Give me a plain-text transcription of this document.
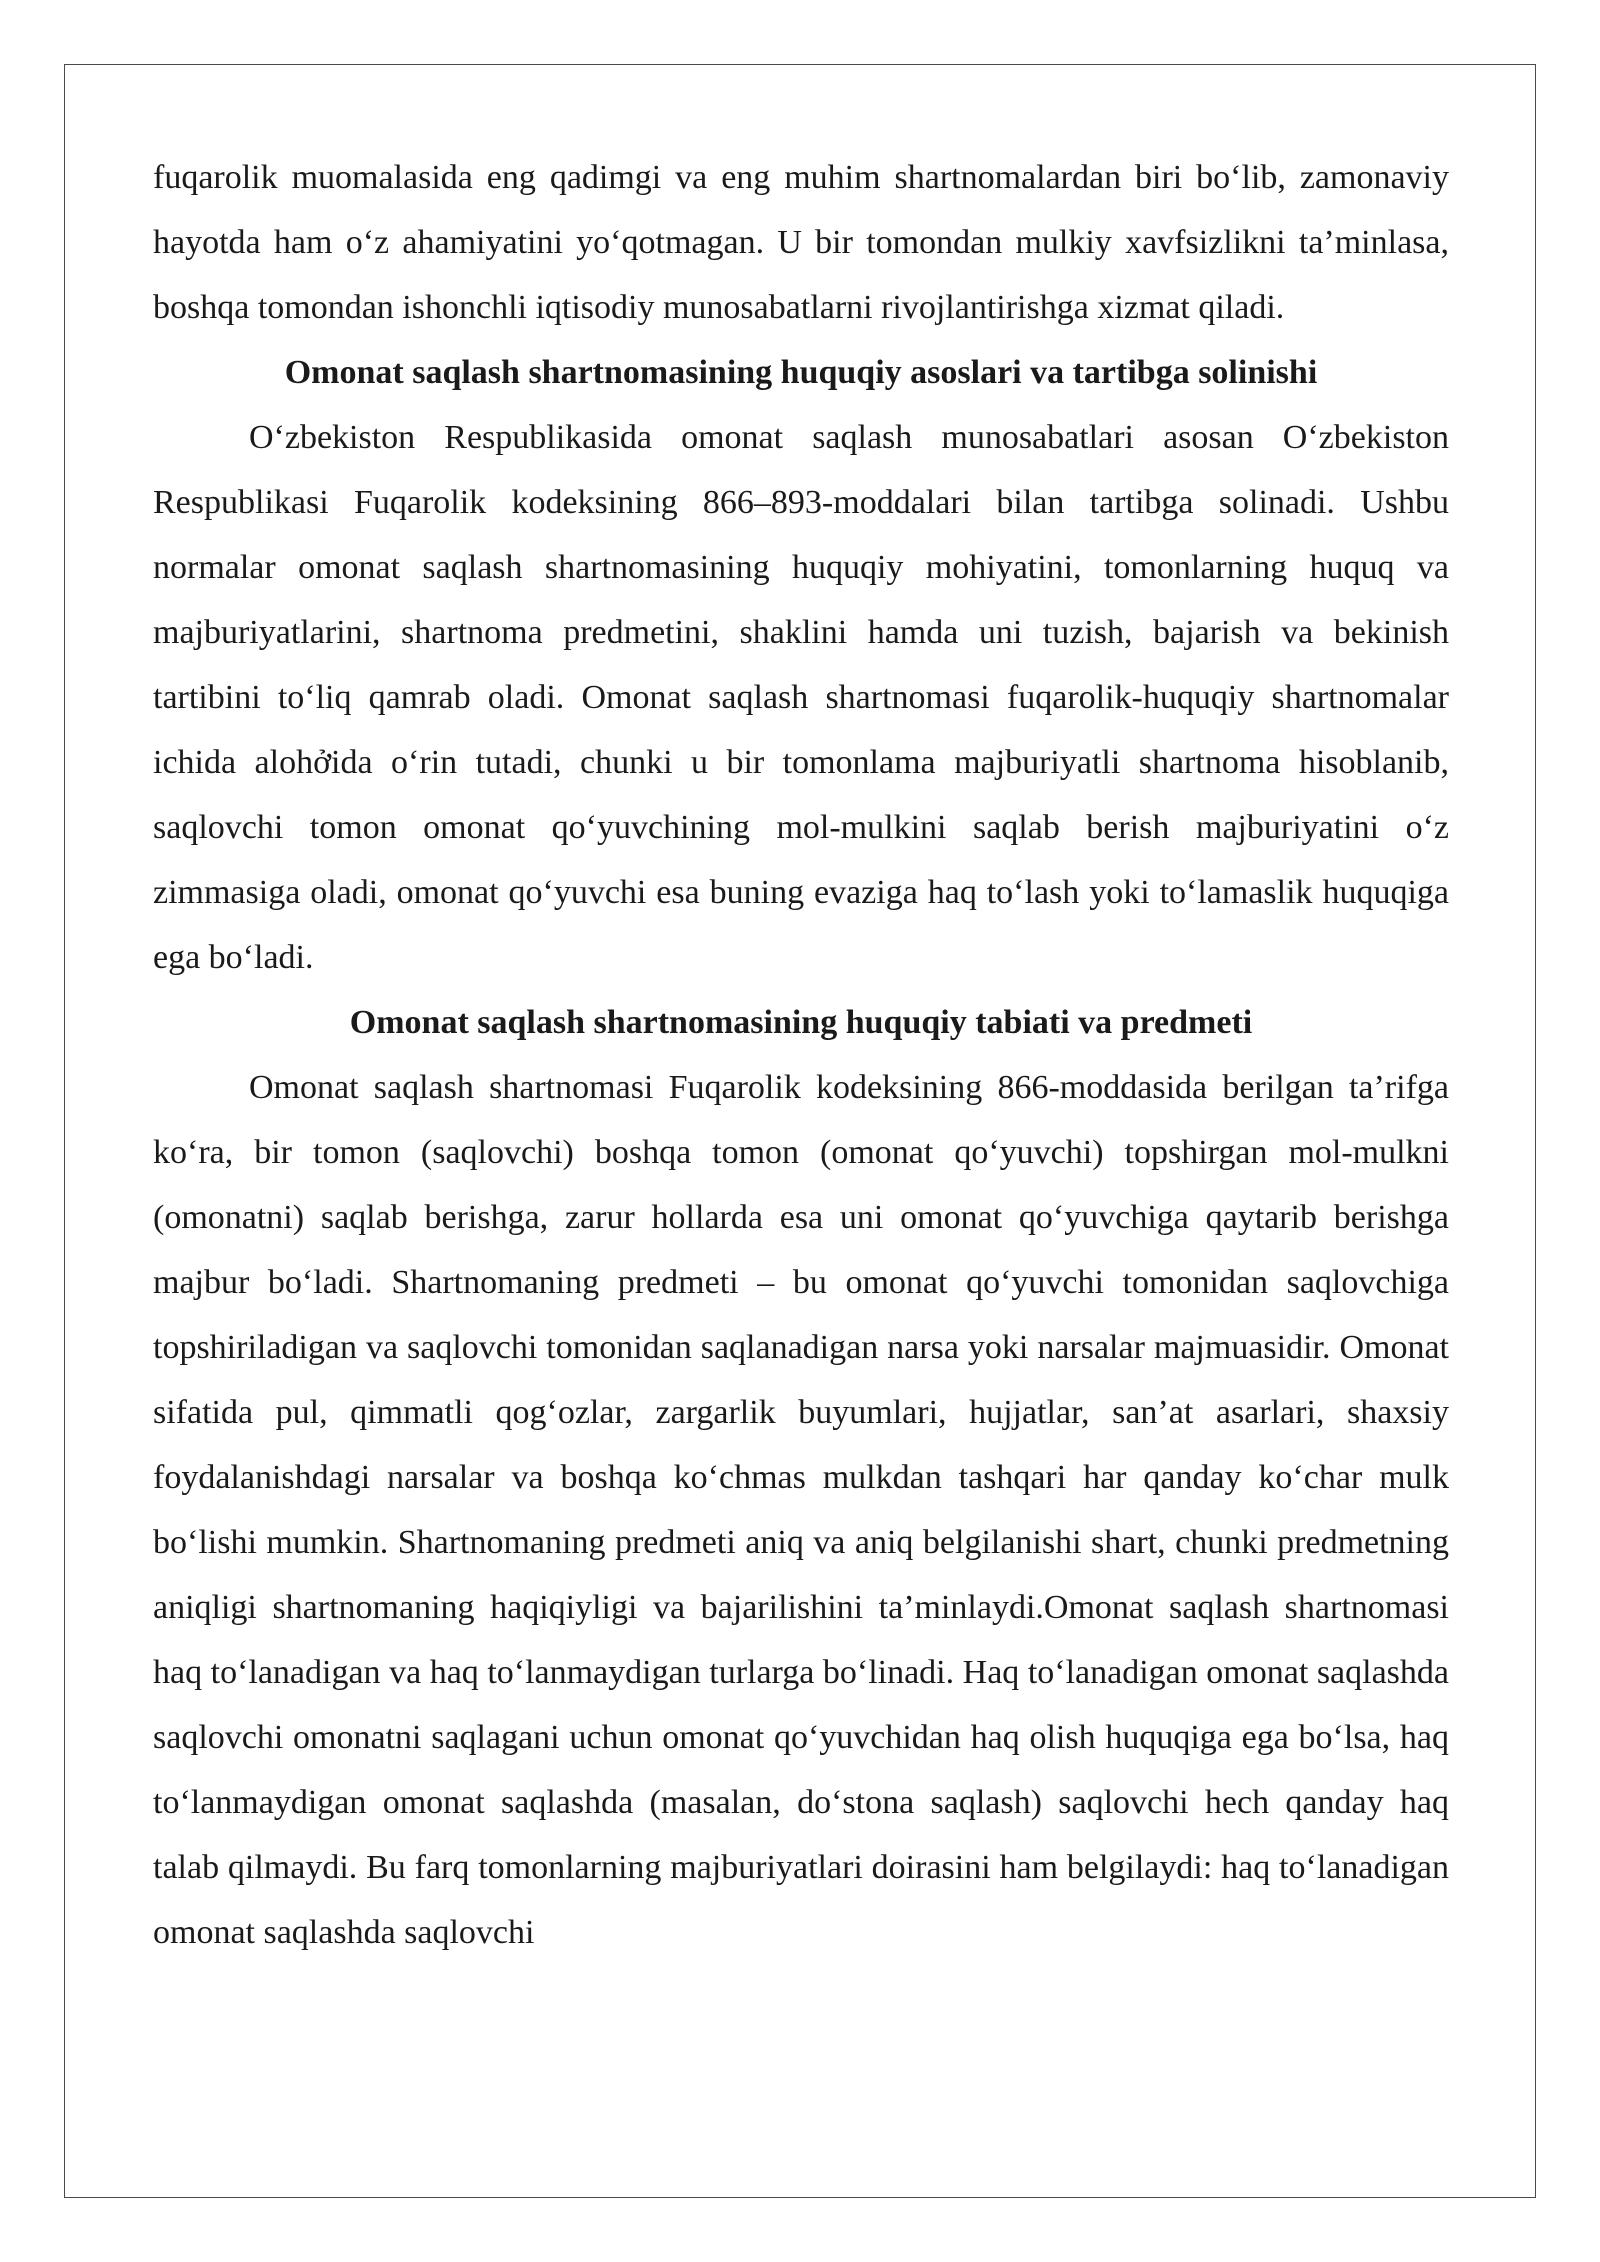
fuqarolik muomalasida eng qadimgi va eng muhim shartnomalardan biri bo‘lib, zamonaviy hayotda ham o‘z ahamiyatini yo‘qotmagan. U bir tomondan mulkiy xavfsizlikni ta’minlasa, boshqa tomondan ishonchli iqtisodiy munosabatlarni rivojlantirishga xizmat qiladi.

Omonat saqlash shartnomasining huquqiy asoslari va tartibga solinishi

O‘zbekiston Respublikasida omonat saqlash munosabatlari asosan O‘zbekiston Respublikasi Fuqarolik kodeksining 866–893-moddalari bilan tartibga solinadi. Ushbu normalar omonat saqlash shartnomasining huquqiy mohiyatini, tomonlarning huquq va majburiyatlarini, shartnoma predmetini, shaklini hamda uni tuzish, bajarish va bekinish tartibini to‘liq qamrab oladi. Omonat saqlash shartnomasi fuqarolik-huquqiy shartnomalar ichida alohởida o‘rin tutadi, chunki u bir tomonlama majburiyatli shartnoma hisoblanib, saqlovchi tomon omonat qo‘yuvchining mol-mulkini saqlab berish majburiyatini o‘z zimmasiga oladi, omonat qo‘yuvchi esa buning evaziga haq to‘lash yoki to‘lamaslik huquqiga ega bo‘ladi.

Omonat saqlash shartnomasining huquqiy tabiati va predmeti

Omonat saqlash shartnomasi Fuqarolik kodeksining 866-moddasida berilgan ta’rifga ko‘ra, bir tomon (saqlovchi) boshqa tomon (omonat qo‘yuvchi) topshirgan mol-mulkni (omonatni) saqlab berishga, zarur hollarda esa uni omonat qo‘yuvchiga qaytarib berishga majbur bo‘ladi. Shartnomaning predmeti – bu omonat qo‘yuvchi tomonidan saqlovchiga topshiriladigan va saqlovchi tomonidan saqlanadigan narsa yoki narsalar majmuasidir. Omonat sifatida pul, qimmatli qog‘ozlar, zargarlik buyumlari, hujjatlar, san’at asarlari, shaxsiy foydalanishdagi narsalar va boshqa ko‘chmas mulkdan tashqari har qanday ko‘char mulk bo‘lishi mumkin. Shartnomaning predmeti aniq va aniq belgilanishi shart, chunki predmetning aniqligi shartnomaning haqiqiyligi va bajarilishini ta’minlaydi.Omonat saqlash shartnomasi haq to‘lanadigan va haq to‘lanmaydigan turlarga bo‘linadi. Haq to‘lanadigan omonat saqlashda saqlovchi omonatni saqlagani uchun omonat qo‘yuvchidan haq olish huquqiga ega bo‘lsa, haq to‘lanmaydigan omonat saqlashda (masalan, do‘stona saqlash) saqlovchi hech qanday haq talab qilmaydi. Bu farq tomonlarning majburiyatlari doirasini ham belgilaydi: haq to‘lanadigan omonat saqlashda saqlovchi
